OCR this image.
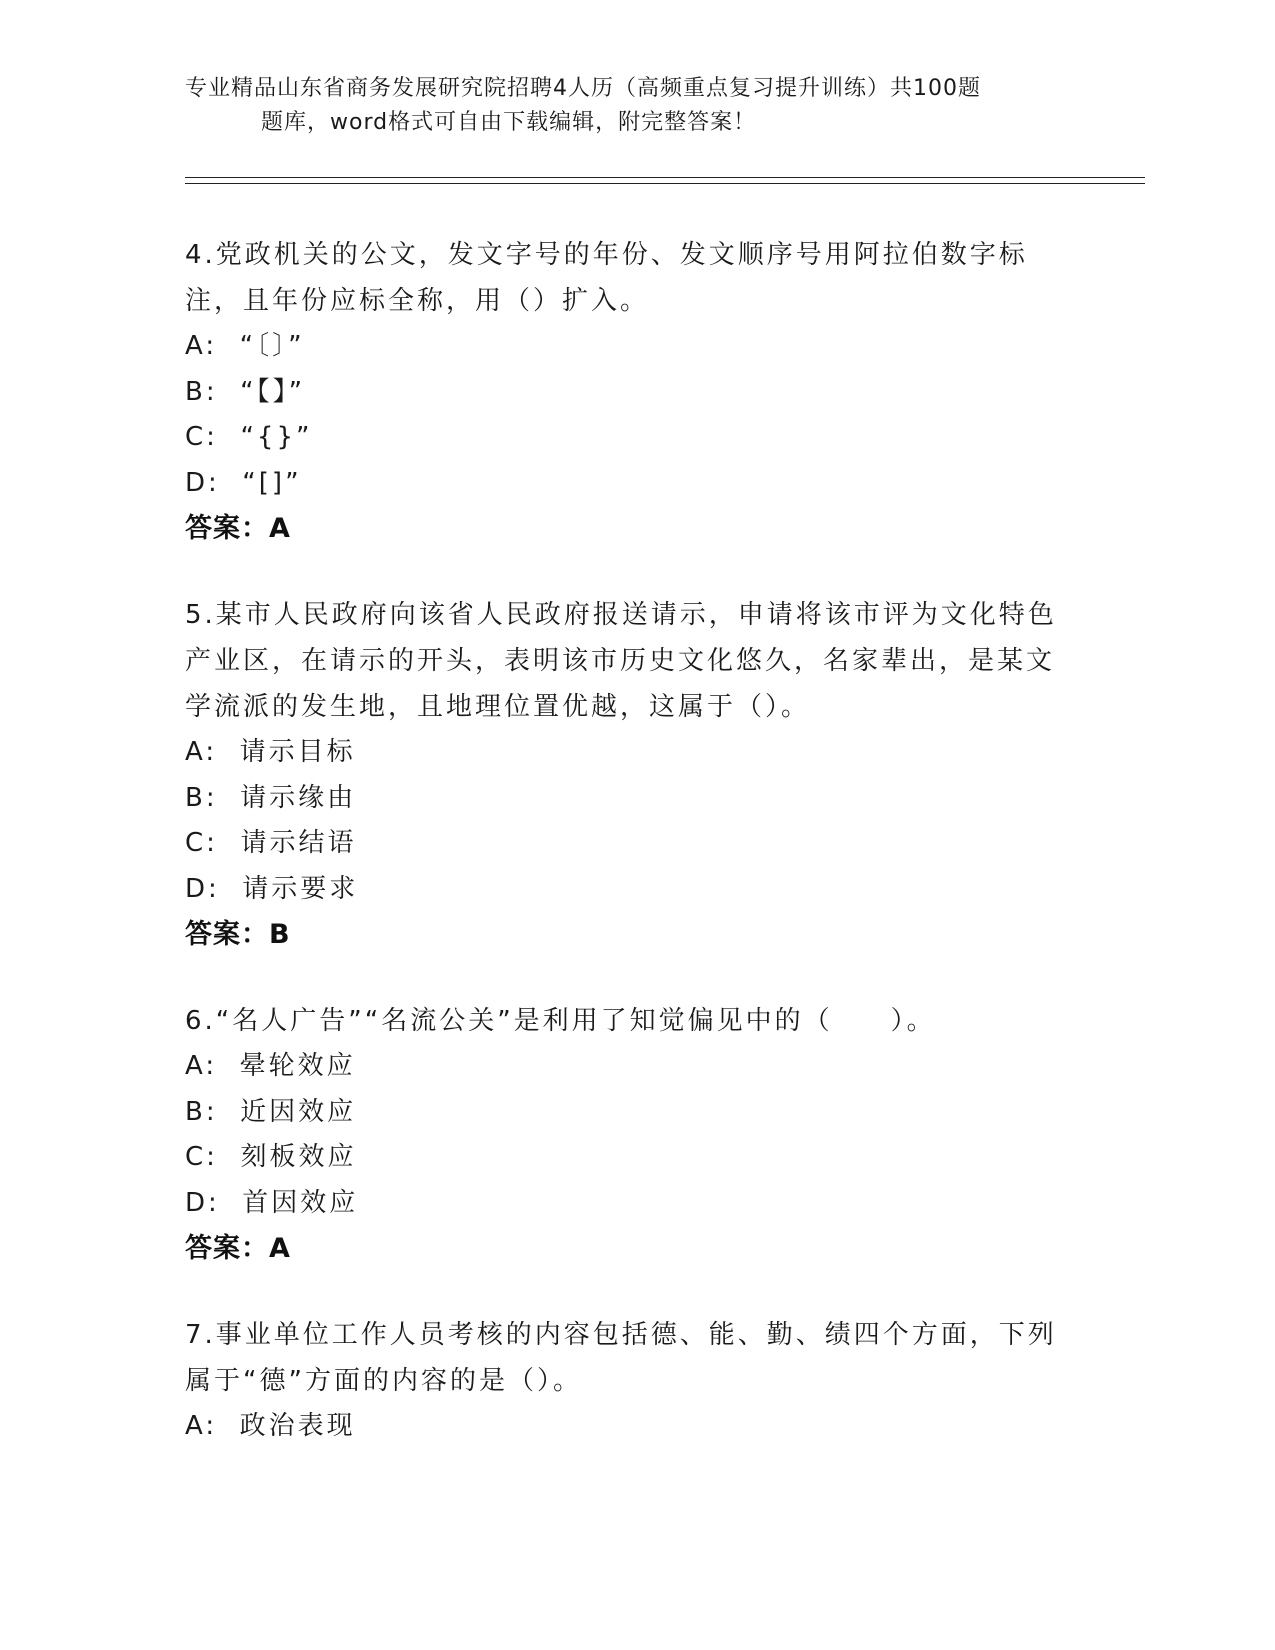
专业精品山东省商务发展研究院招聘4人历（高频重点复习提升训练）共100题
题库，word格式可自由下载编辑，附完整答案！

4.党政机关的公文，发文字号的年份、发文顺序号用阿拉伯数字标注，且年份应标全称，用（）扩入。

A:  “〔〕”

B:  “【】”

C:  “{}”

D:  “[]”

答案：A

5.某市人民政府向该省人民政府报送请示，申请将该市评为文化特色产业区，在请示的开头，表明该市历史文化悠久，名家辈出，是某文学流派的发生地，且地理位置优越，这属于（）。

A:  请示目标

B:  请示缘由

C:  请示结语

D:  请示要求

答案：B

6.“名人广告”“名流公关”是利用了知觉偏见中的（　　）。

A:  晕轮效应

B:  近因效应

C:  刻板效应

D:  首因效应

答案：A

7.事业单位工作人员考核的内容包括德、能、勤、绩四个方面，下列属于“德”方面的内容的是（）。

A:  政治表现
